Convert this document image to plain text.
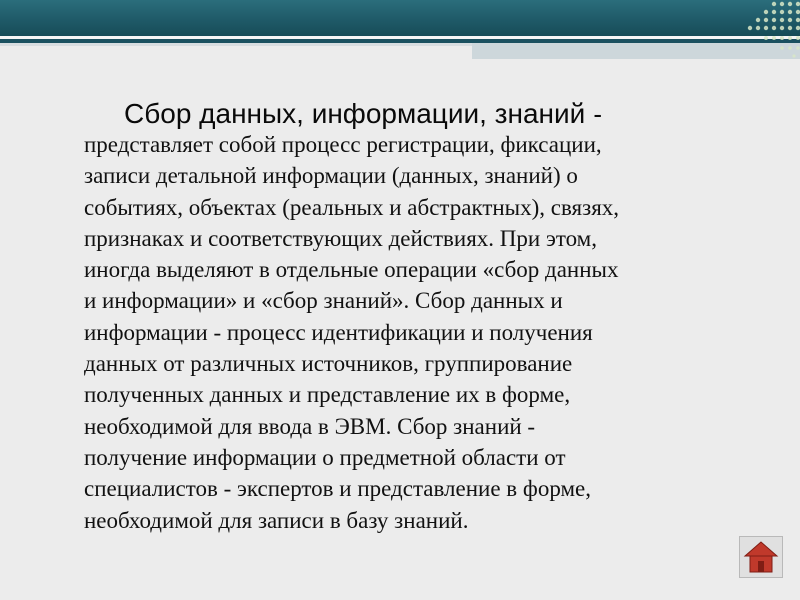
Сбор данных, информации, знаний -
представляет собой процесс регистрации, фиксации,
записи детальной информации (данных, знаний) о
событиях, объектах (реальных и абстрактных), связях,
признаках и соответствующих действиях. При этом,
иногда выделяют в отдельные операции «сбор данных
и информации» и «сбор знаний». Сбор данных и
информации - процесс идентификации и получения
данных от различных источников, группирование
полученных данных и представление их в форме,
необходимой для ввода в ЭВМ. Сбор знаний -
получение информации о предметной области от
специалистов - экспертов и представление в форме,
необходимой для записи в базу знаний.
